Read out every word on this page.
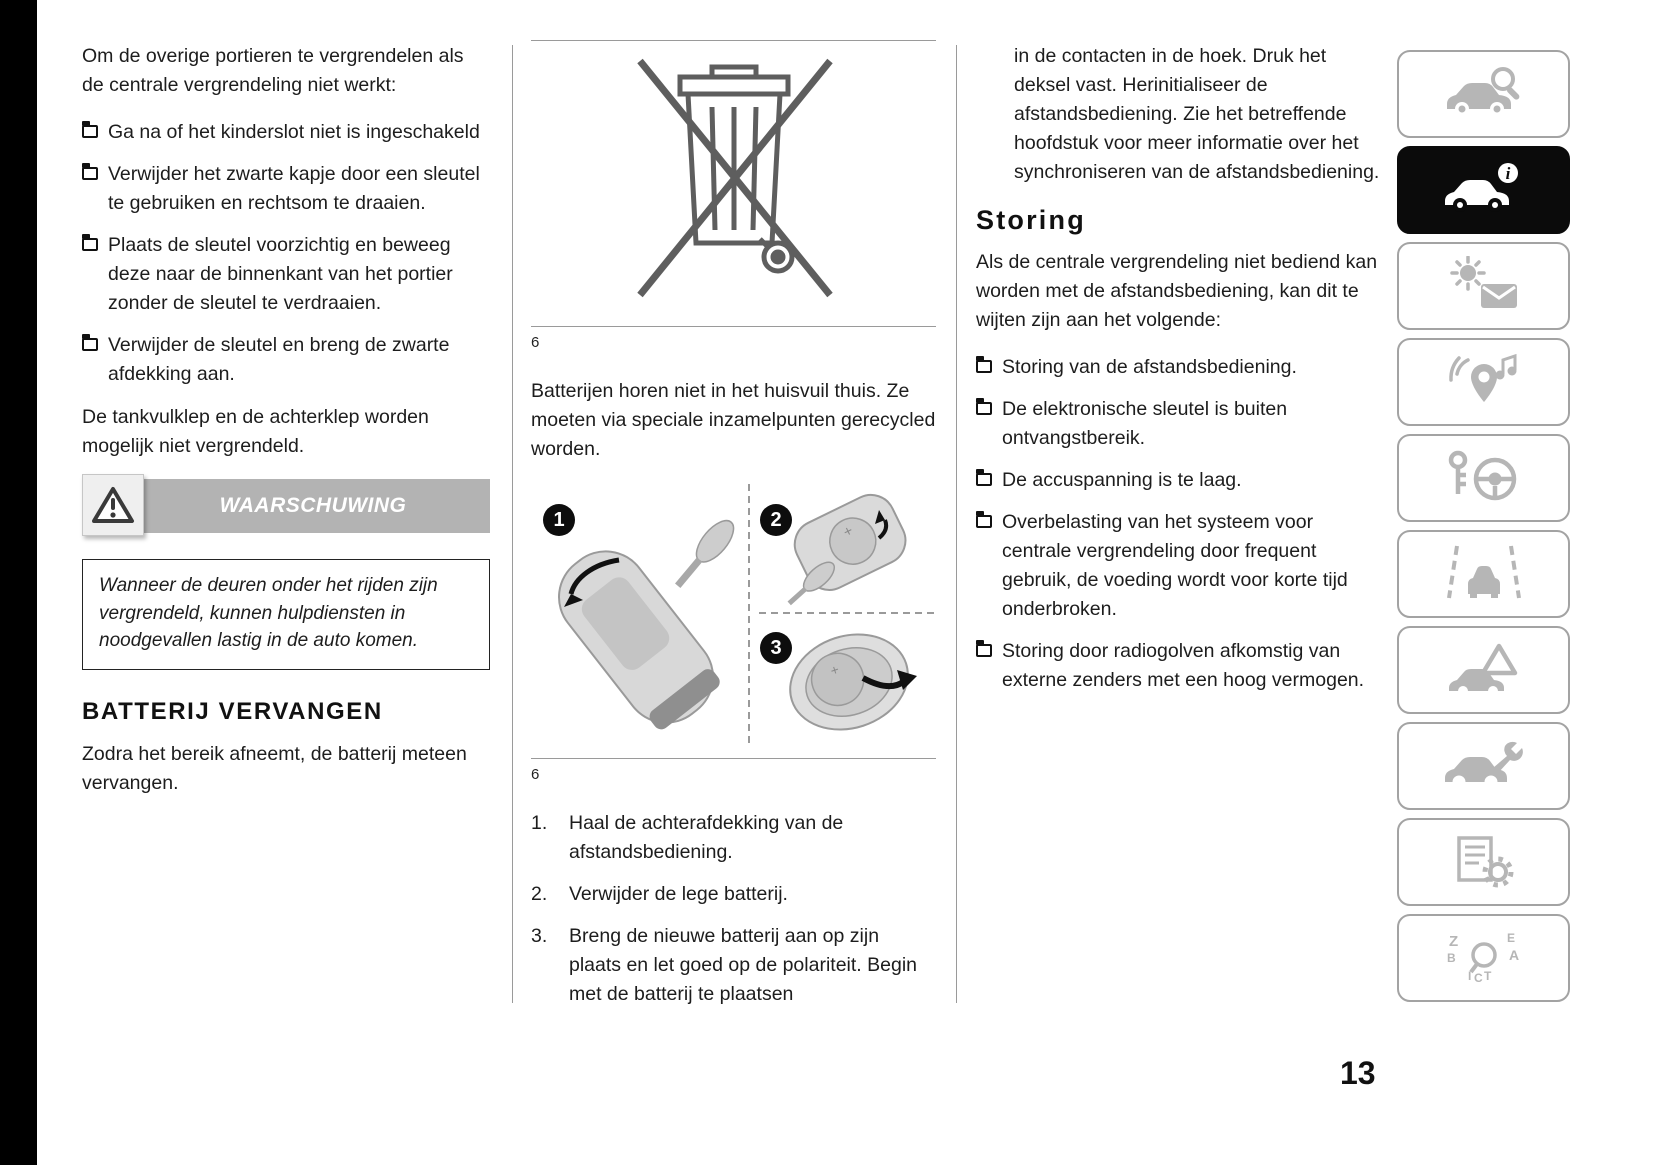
Om de overige portieren te vergrendelen als de centrale vergrendeling niet werkt:

Ga na of het kinderslot niet is ingeschakeld
Verwijder het zwarte kapje door een sleutel te gebruiken en rechtsom te draaien.
Plaats de sleutel voorzichtig en beweeg deze naar de binnenkant van het portier zonder de sleutel te verdraaien.
Verwijder de sleutel en breng de zwarte afdekking aan.

De tankvulklep en de achterklep worden mogelijk niet vergrendeld.

WAARSCHUWING
Wanneer de deuren onder het rijden zijn vergrendeld, kunnen hulpdiensten in noodgevallen lastig in de auto komen.
BATTERIJ VERVANGEN

Zodra het bereik afneemt, de batterij meteen vervangen.

6

Batterijen horen niet in het huisvuil thuis. Ze moeten via speciale inzamelpunten gerecycled worden.

+
+
1	2
3
6
1.	Haal de achterafdekking van de afstandsbediening.
2.	Verwijder de lege batterij.
3.	Breng de nieuwe batterij aan op zijn plaats en let goed op de polariteit. Begin met de batterij te plaatsen

in de contacten in de hoek. Druk het deksel vast. Herinitialiseer de afstandsbediening. Zie het betreffende hoofdstuk voor meer informatie over het synchroniseren van de afstandsbediening.

Storing

Als de centrale vergrendeling niet bediend kan worden met de afstandsbediening, kan dit te wijten zijn aan het volgende:

Storing van de afstandsbediening.
De elektronische sleutel is buiten ontvangstbereik.
De accuspanning is te laag.
Overbelasting van het systeem voor centrale vergrendeling door frequent gebruik, de voeding wordt voor korte tijd onderbroken.
Storing door radiogolven afkomstig van externe zenders met een hoog vermogen.
i
Z	E
B	A
I C T
13
